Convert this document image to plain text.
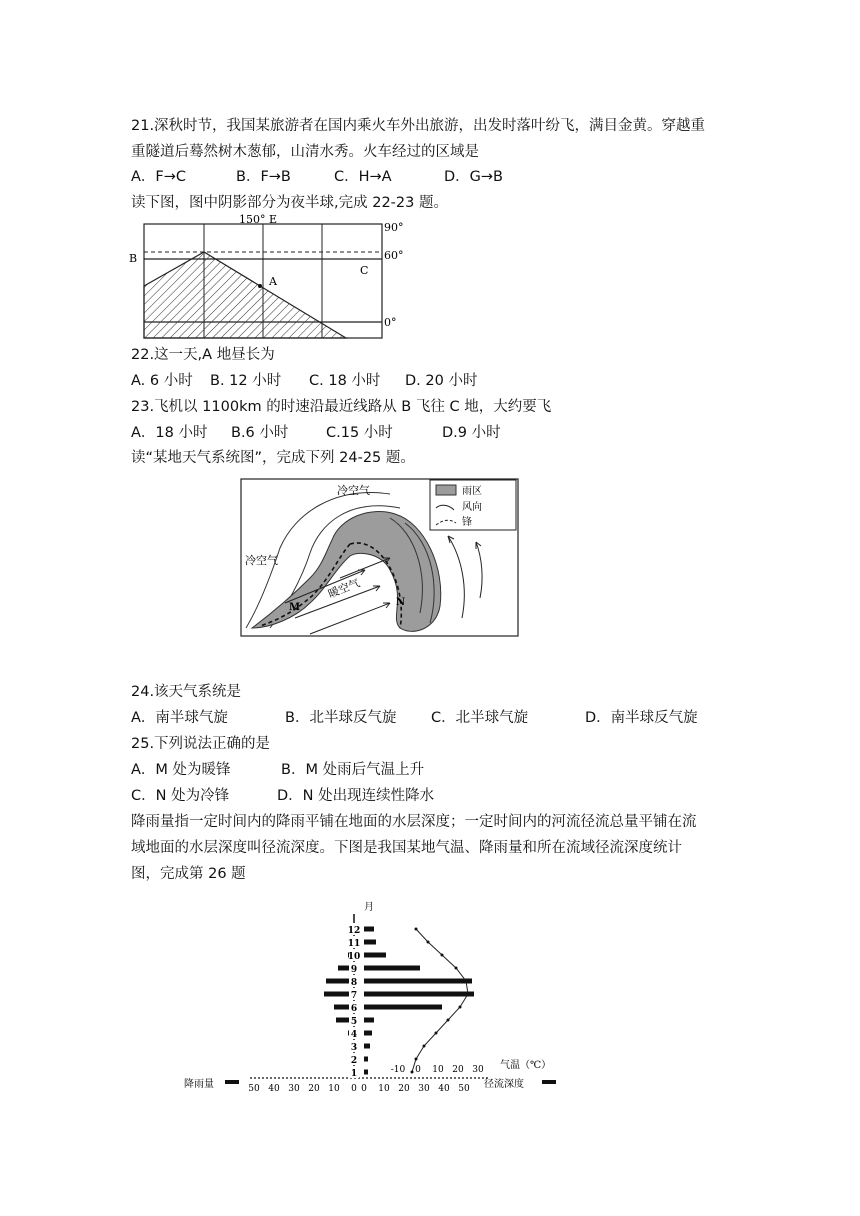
21.深秋时节，我国某旅游者在国内乘火车外出旅游，出发时落叶纷飞，满目金黄。穿越重
重隧道后蓦然树木葱郁，山清水秀。火车经过的区域是
A．F→C	B．F→B	C．H→A	D．G→B
读下图，图中阴影部分为夜半球,完成 22-23 题。
150° E
A
B
C
90°
60°
0°
22.这一天,A 地昼长为
A. 6 小时 B. 12 小时 C. 18 小时 D. 20 小时
23.飞机以 1100km 的时速沿最近线路从 B 飞往 C 地，大约要飞
A．18 小时 B.6 小时	C.15 小时	D.9 小时
读“某地天气系统图”，完成下列 24-25 题。
冷空气
冷空气
暖空气
M	N
雨区
风向
锋
24.该天气系统是
A．南半球气旋	B．北半球反气旋 C．北半球气旋	D．南半球反气旋
25.下列说法正确的是
A．M 处为暖锋	B．M 处雨后气温上升
C．N 处为冷锋	D．N 处出现连续性降水
降雨量指一定时间内的降雨平铺在地面的水层深度；一定时间内的河流径流总量平铺在流
域地面的水层深度叫径流深度。下图是我国某地气温、降雨量和所在流域径流深度统计
图，完成第 26 题
月
1
2
3
4
5
6
7
8
9
10
11
12
50 40 30 20 10 0 0 10 20 30 40 50
-10 0 10 20 30
降雨量	径流深度
气温（℃）
